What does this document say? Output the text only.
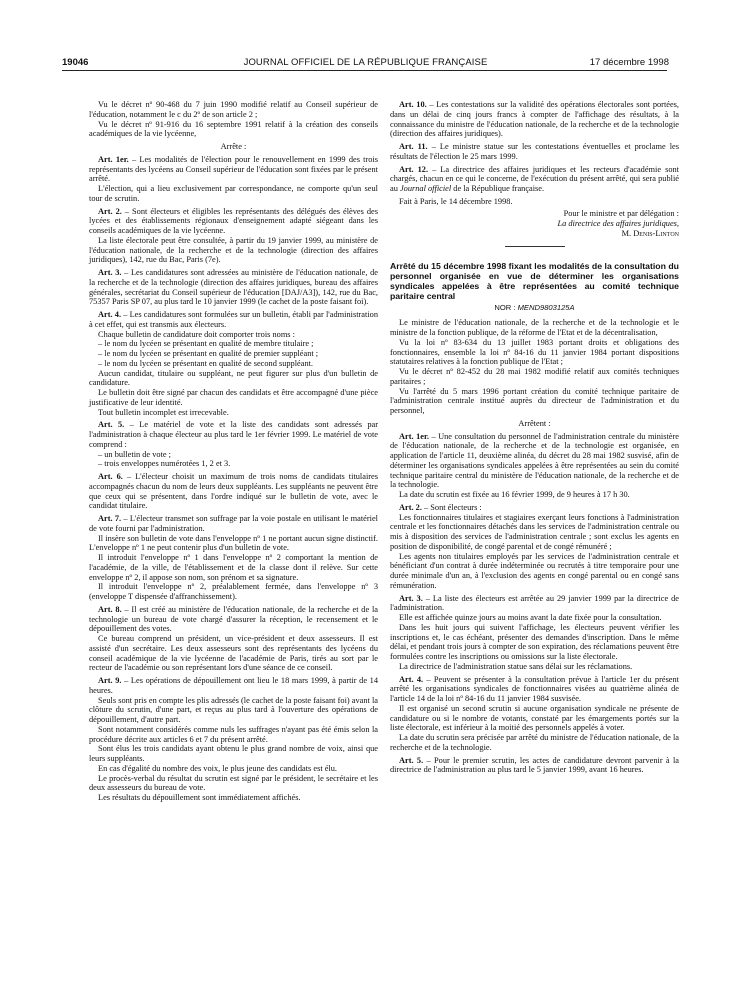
19046	JOURNAL OFFICIEL DE LA RÉPUBLIQUE FRANÇAISE	17 décembre 1998

Vu le décret nº 90-468 du 7 juin 1990 modifié relatif au Conseil supérieur de l'éducation, notamment le c du 2º de son article 2 ;

Vu le décret nº 91-916 du 16 septembre 1991 relatif à la création des conseils académiques de la vie lycéenne,

Arrête :

Art. 1er. – Les modalités de l'élection pour le renouvellement en 1999 des trois représentants des lycéens au Conseil supérieur de l'éducation sont fixées par le présent arrêté.

L'élection, qui a lieu exclusivement par correspondance, ne comporte qu'un seul tour de scrutin.

Art. 2. – Sont électeurs et éligibles les représentants des délégués des élèves des lycées et des établissements régionaux d'enseignement adapté siégeant dans les conseils académiques de la vie lycéenne.

La liste électorale peut être consultée, à partir du 19 janvier 1999, au ministère de l'éducation nationale, de la recherche et de la technologie (direction des affaires juridiques), 142, rue du Bac, Paris (7e).

Art. 3. – Les candidatures sont adressées au ministère de l'éducation nationale, de la recherche et de la technologie (direction des affaires juridiques, bureau des affaires générales, secrétariat du Conseil supérieur de l'éducation [DAJ/A3]), 142, rue du Bac, 75357 Paris SP 07, au plus tard le 10 janvier 1999 (le cachet de la poste faisant foi).

Art. 4. – Les candidatures sont formulées sur un bulletin, établi par l'administration à cet effet, qui est transmis aux électeurs.

Chaque bulletin de candidature doit comporter trois noms :

– le nom du lycéen se présentant en qualité de membre titulaire ;
– le nom du lycéen se présentant en qualité de premier suppléant ;
– le nom du lycéen se présentant en qualité de second suppléant.

Aucun candidat, titulaire ou suppléant, ne peut figurer sur plus d'un bulletin de candidature.

Le bulletin doit être signé par chacun des candidats et être accompagné d'une pièce justificative de leur identité.

Tout bulletin incomplet est irrecevable.

Art. 5. – Le matériel de vote et la liste des candidats sont adressés par l'administration à chaque électeur au plus tard le 1er février 1999. Le matériel de vote comprend :

– un bulletin de vote ;
– trois enveloppes numérotées 1, 2 et 3.

Art. 6. – L'électeur choisit un maximum de trois noms de candidats titulaires accompagnés chacun du nom de leurs deux suppléants. Les suppléants ne peuvent être que ceux qui se présentent, dans l'ordre indiqué sur le bulletin de vote, avec le candidat titulaire.

Art. 7. – L'électeur transmet son suffrage par la voie postale en utilisant le matériel de vote fourni par l'administration.

Il insère son bulletin de vote dans l'enveloppe nº 1 ne portant aucun signe distinctif. L'enveloppe nº 1 ne peut contenir plus d'un bulletin de vote.

Il introduit l'enveloppe nº 1 dans l'enveloppe nº 2 comportant la mention de l'académie, de la ville, de l'établissement et de la classe dont il relève. Sur cette enveloppe nº 2, il appose son nom, son prénom et sa signature.

Il introduit l'enveloppe nº 2, préalablement fermée, dans l'enveloppe nº 3 (enveloppe T dispensée d'affranchissement).

Art. 8. – Il est créé au ministère de l'éducation nationale, de la recherche et de la technologie un bureau de vote chargé d'assurer la réception, le recensement et le dépouillement des votes.

Ce bureau comprend un président, un vice-président et deux assesseurs. Il est assisté d'un secrétaire. Les deux assesseurs sont des représentants des lycéens du conseil académique de la vie lycéenne de l'académie de Paris, tirés au sort par le recteur de l'académie ou son représentant lors d'une séance de ce conseil.

Art. 9. – Les opérations de dépouillement ont lieu le 18 mars 1999, à partir de 14 heures.

Seuls sont pris en compte les plis adressés (le cachet de la poste faisant foi) avant la clôture du scrutin, d'une part, et reçus au plus tard à l'ouverture des opérations de dépouillement, d'autre part.

Sont notamment considérés comme nuls les suffrages n'ayant pas été émis selon la procédure décrite aux articles 6 et 7 du présent arrêté.

Sont élus les trois candidats ayant obtenu le plus grand nombre de voix, ainsi que leurs suppléants.

En cas d'égalité du nombre des voix, le plus jeune des candidats est élu.

Le procès-verbal du résultat du scrutin est signé par le président, le secrétaire et les deux assesseurs du bureau de vote.

Les résultats du dépouillement sont immédiatement affichés.

Art. 10. – Les contestations sur la validité des opérations électorales sont portées, dans un délai de cinq jours francs à compter de l'affichage des résultats, à la connaissance du ministre de l'éducation nationale, de la recherche et de la technologie (direction des affaires juridiques).

Art. 11. – Le ministre statue sur les contestations éventuelles et proclame les résultats de l'élection le 25 mars 1999.

Art. 12. – La directrice des affaires juridiques et les recteurs d'académie sont chargés, chacun en ce qui le concerne, de l'exécution du présent arrêté, qui sera publié au Journal officiel de la République française.

Fait à Paris, le 14 décembre 1998.

Pour le ministre et par délégation :
La directrice des affaires juridiques,
M. Denis-Linton
Arrêté du 15 décembre 1998 fixant les modalités de la consultation du personnel organisée en vue de déterminer les organisations syndicales appelées à être représentées au comité technique paritaire central
NOR : MEND9803125A

Le ministre de l'éducation nationale, de la recherche et de la technologie et le ministre de la fonction publique, de la réforme de l'Etat et de la décentralisation,

Vu la loi nº 83-634 du 13 juillet 1983 portant droits et obligations des fonctionnaires, ensemble la loi nº 84-16 du 11 janvier 1984 portant dispositions statutaires relatives à la fonction publique de l'Etat ;

Vu le décret nº 82-452 du 28 mai 1982 modifié relatif aux comités techniques paritaires ;

Vu l'arrêté du 5 mars 1996 portant création du comité technique paritaire de l'administration centrale institué auprès du directeur de l'administration et du personnel,

Arrêtent :

Art. 1er. – Une consultation du personnel de l'administration centrale du ministère de l'éducation nationale, de la recherche et de la technologie est organisée, en application de l'article 11, deuxième alinéa, du décret du 28 mai 1982 susvisé, afin de déterminer les organisations syndicales appelées à être représentées au sein du comité technique paritaire central du ministère de l'éducation nationale, de la recherche et de la technologie.

La date du scrutin est fixée au 16 février 1999, de 9 heures à 17 h 30.

Art. 2. – Sont électeurs :

Les fonctionnaires titulaires et stagiaires exerçant leurs fonctions à l'administration centrale et les fonctionnaires détachés dans les services de l'administration centrale ou mis à disposition des services de l'administration centrale ; sont exclus les agents en position de disponibilité, de congé parental et de congé rémunéré ;

Les agents non titulaires employés par les services de l'administration centrale et bénéficiant d'un contrat à durée indéterminée ou recrutés à titre temporaire pour une durée minimale d'un an, à l'exclusion des agents en congé parental ou en congé sans rémunération.

Art. 3. – La liste des électeurs est arrêtée au 29 janvier 1999 par la directrice de l'administration.

Elle est affichée quinze jours au moins avant la date fixée pour la consultation.

Dans les huit jours qui suivent l'affichage, les électeurs peuvent vérifier les inscriptions et, le cas échéant, présenter des demandes d'inscription. Dans le même délai, et pendant trois jours à compter de son expiration, des réclamations peuvent être formulées contre les inscriptions ou omissions sur la liste électorale.

La directrice de l'administration statue sans délai sur les réclamations.

Art. 4. – Peuvent se présenter à la consultation prévue à l'article 1er du présent arrêté les organisations syndicales de fonctionnaires visées au quatrième alinéa de l'article 14 de la loi nº 84-16 du 11 janvier 1984 susvisée.

Il est organisé un second scrutin si aucune organisation syndicale ne présente de candidature ou si le nombre de votants, constaté par les émargements portés sur la liste électorale, est inférieur à la moitié des personnels appelés à voter.

La date du scrutin sera précisée par arrêté du ministre de l'éducation nationale, de la recherche et de la technologie.

Art. 5. – Pour le premier scrutin, les actes de candidature devront parvenir à la directrice de l'administration au plus tard le 5 janvier 1999, avant 16 heures.
